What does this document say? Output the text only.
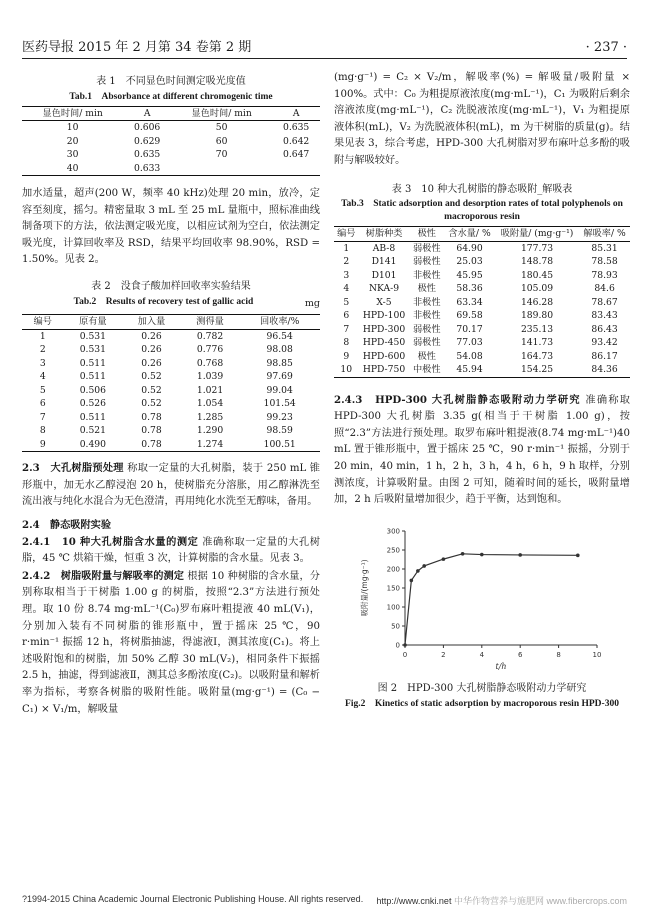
医药导报 2015 年 2 月第 34 卷第 2 期	· 237 ·
表 1　不同显色时间测定吸光度值
Tab.1　Absorbance at different chromogenic time
显色时间/ min	A	显色时间/ min	A
10	0.606	50	0.635
20	0.629	60	0.642
30	0.635	70	0.647
40	0.633		

加水适量，超声(200 W，频率 40 kHz)处理 20 min，放冷，定容至刻度，摇匀。精密量取 3 mL 至 25 mL 量瓶中，照标准曲线制备项下的方法，依法测定吸光度，以相应试剂为空白，依法测定吸光度，计算回收率及 RSD，结果平均回收率 98.90%，RSD = 1.50%。见表 2。

表 2　没食子酸加样回收率实验结果
Tab.2　Results of recovery test of gallic acid	mg
编号	原有量	加入量	测得量	回收率/%
1	0.531	0.26	0.782	96.54
2	0.531	0.26	0.776	98.08
3	0.511	0.26	0.768	98.85
4	0.511	0.52	1.039	97.69
5	0.506	0.52	1.021	99.04
6	0.526	0.52	1.054	101.54
7	0.511	0.78	1.285	99.23
8	0.521	0.78	1.290	98.59
9	0.490	0.78	1.274	100.51

2.3　大孔树脂预处理 称取一定量的大孔树脂，装于 250 mL 锥形瓶中，加无水乙醇浸泡 20 h，使树脂充分溶胀，用乙醇淋洗至流出液与纯化水混合为无色澄清，再用纯化水洗至无醇味，备用。

2.4　静态吸附实验

2.4.1　10 种大孔树脂含水量的测定 准确称取一定量的大孔树脂，45 ℃ 烘箱干燥，恒重 3 次，计算树脂的含水量。见表 3。

2.4.2　树脂吸附量与解吸率的测定 根据 10 种树脂的含水量，分别称取相当于干树脂 1.00 g 的树脂，按照“2.3”方法进行预处理。取 10 份 8.74 mg·mL⁻¹(C₀)罗布麻叶粗提液 40 mL(V₁)，分别加入装有不同树脂的锥形瓶中，置于摇床 25 ℃，90 r·min⁻¹ 振摇 12 h，将树脂抽滤，得滤液Ⅰ，测其浓度(C₁)。将上述吸附饱和的树脂，加 50% 乙醇 30 mL(V₂)，相同条件下振摇 2.5 h，抽滤，得到滤液Ⅱ，测其总多酚浓度(C₂)。以吸附量和解析率为指标，考察各树脂的吸附性能。吸附量(mg·g⁻¹) = (C₀ − C₁) × V₁/m，解吸量

(mg·g⁻¹) = C₂ × V₂/m，解吸率(%) = 解吸量/吸附量 × 100%。式中：C₀ 为粗提原液浓度(mg·mL⁻¹)，C₁ 为吸附后剩余溶液浓度(mg·mL⁻¹)，C₂ 洗脱液浓度(mg·mL⁻¹)，V₁ 为粗提原液体积(mL)，V₂ 为洗脱液体积(mL)，m 为干树脂的质量(g)。结果见表 3，综合考虑，HPD-300 大孔树脂对罗布麻叶总多酚的吸附与解吸较好。

表 3　10 种大孔树脂的静态吸附_解吸表
Tab.3　Static adsorption and desorption rates of total polyphenols on macroporous resin
编号	树脂种类	极性	含水量/ %	吸附量/ (mg·g⁻¹)	解吸率/ %
1	AB-8	弱极性	64.90	177.73	85.31
2	D141	弱极性	25.03	148.78	78.58
3	D101	非极性	45.95	180.45	78.93
4	NKA-9	极性	58.36	105.09	84.6
5	X-5	非极性	63.34	146.28	78.67
6	HPD-100	非极性	69.58	189.80	83.43
7	HPD-300	弱极性	70.17	235.13	86.43
8	HPD-450	弱极性	77.03	141.73	93.42
9	HPD-600	极性	54.08	164.73	86.17
10	HPD-750	中极性	45.94	154.25	84.36

2.4.3　HPD-300 大孔树脂静态吸附动力学研究 准确称取 HPD-300 大孔树脂 3.35 g(相当于干树脂 1.00 g)，按照“2.3”方法进行预处理。取罗布麻叶粗提液(8.74 mg·mL⁻¹)40 mL 置于锥形瓶中，置于摇床 25 ℃，90 r·min⁻¹ 振摇，分别于 20 min，40 min，1 h，2 h，3 h，4 h，6 h，9 h 取样，分别测浓度，计算吸附量。由图 2 可知，随着时间的延长，吸附量增加，2 h 后吸附量增加很少，趋于平衡，达到饱和。

0	2	4	6	8	10
0
50
100
150
200
250
300
t/h
吸附量/(mg·g⁻¹)
图 2　HPD-300 大孔树脂静态吸附动力学研究
Fig.2　Kinetics of static adsorption by macroporous resin HPD-300
?1994-2015 China Academic Journal Electronic Publishing House. All rights reserved. http://www.cnki.net 中华作物营养与施肥网 www.fibercrops.com
